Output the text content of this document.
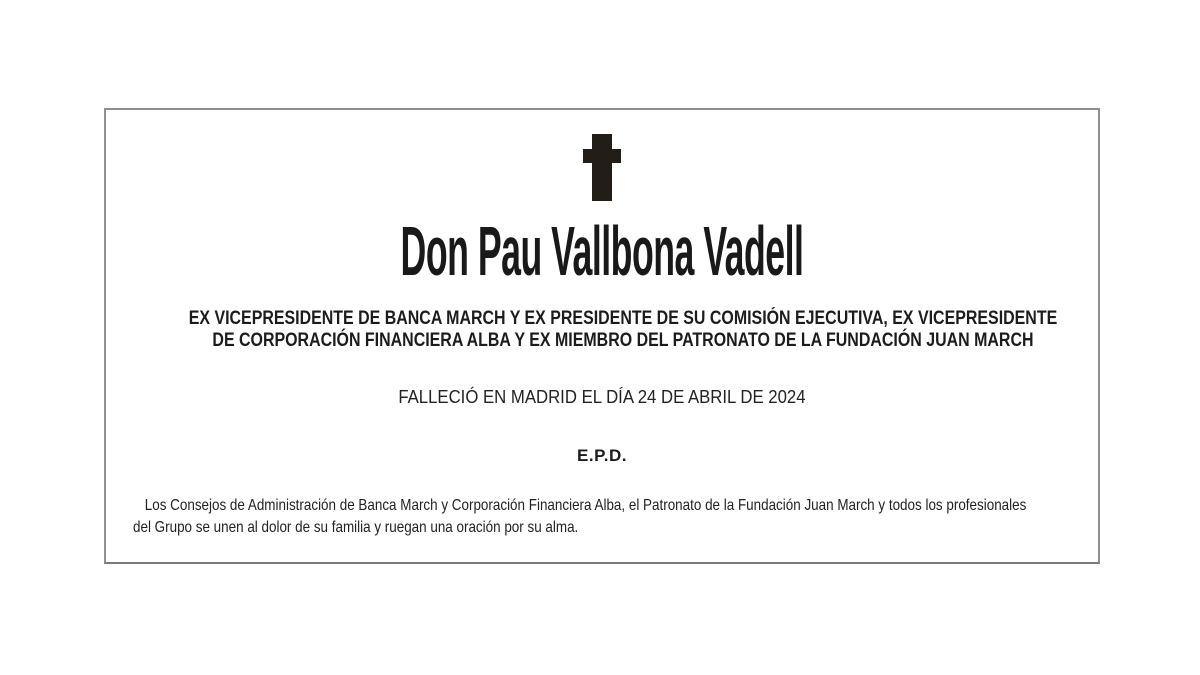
Don Pau Vallbona Vadell
EX VICEPRESIDENTE DE BANCA MARCH Y EX PRESIDENTE DE SU COMISIÓN EJECUTIVA, EX VICEPRESIDENTE
DE CORPORACIÓN FINANCIERA ALBA Y EX MIEMBRO DEL PATRONATO DE LA FUNDACIÓN JUAN MARCH
FALLECIÓ EN MADRID EL DÍA 24 DE ABRIL DE 2024
E.P.D.
Los Consejos de Administración de Banca March y Corporación Financiera Alba, el Patronato de la Fundación Juan March y todos los profesionales
del Grupo se unen al dolor de su familia y ruegan una oración por su alma.
